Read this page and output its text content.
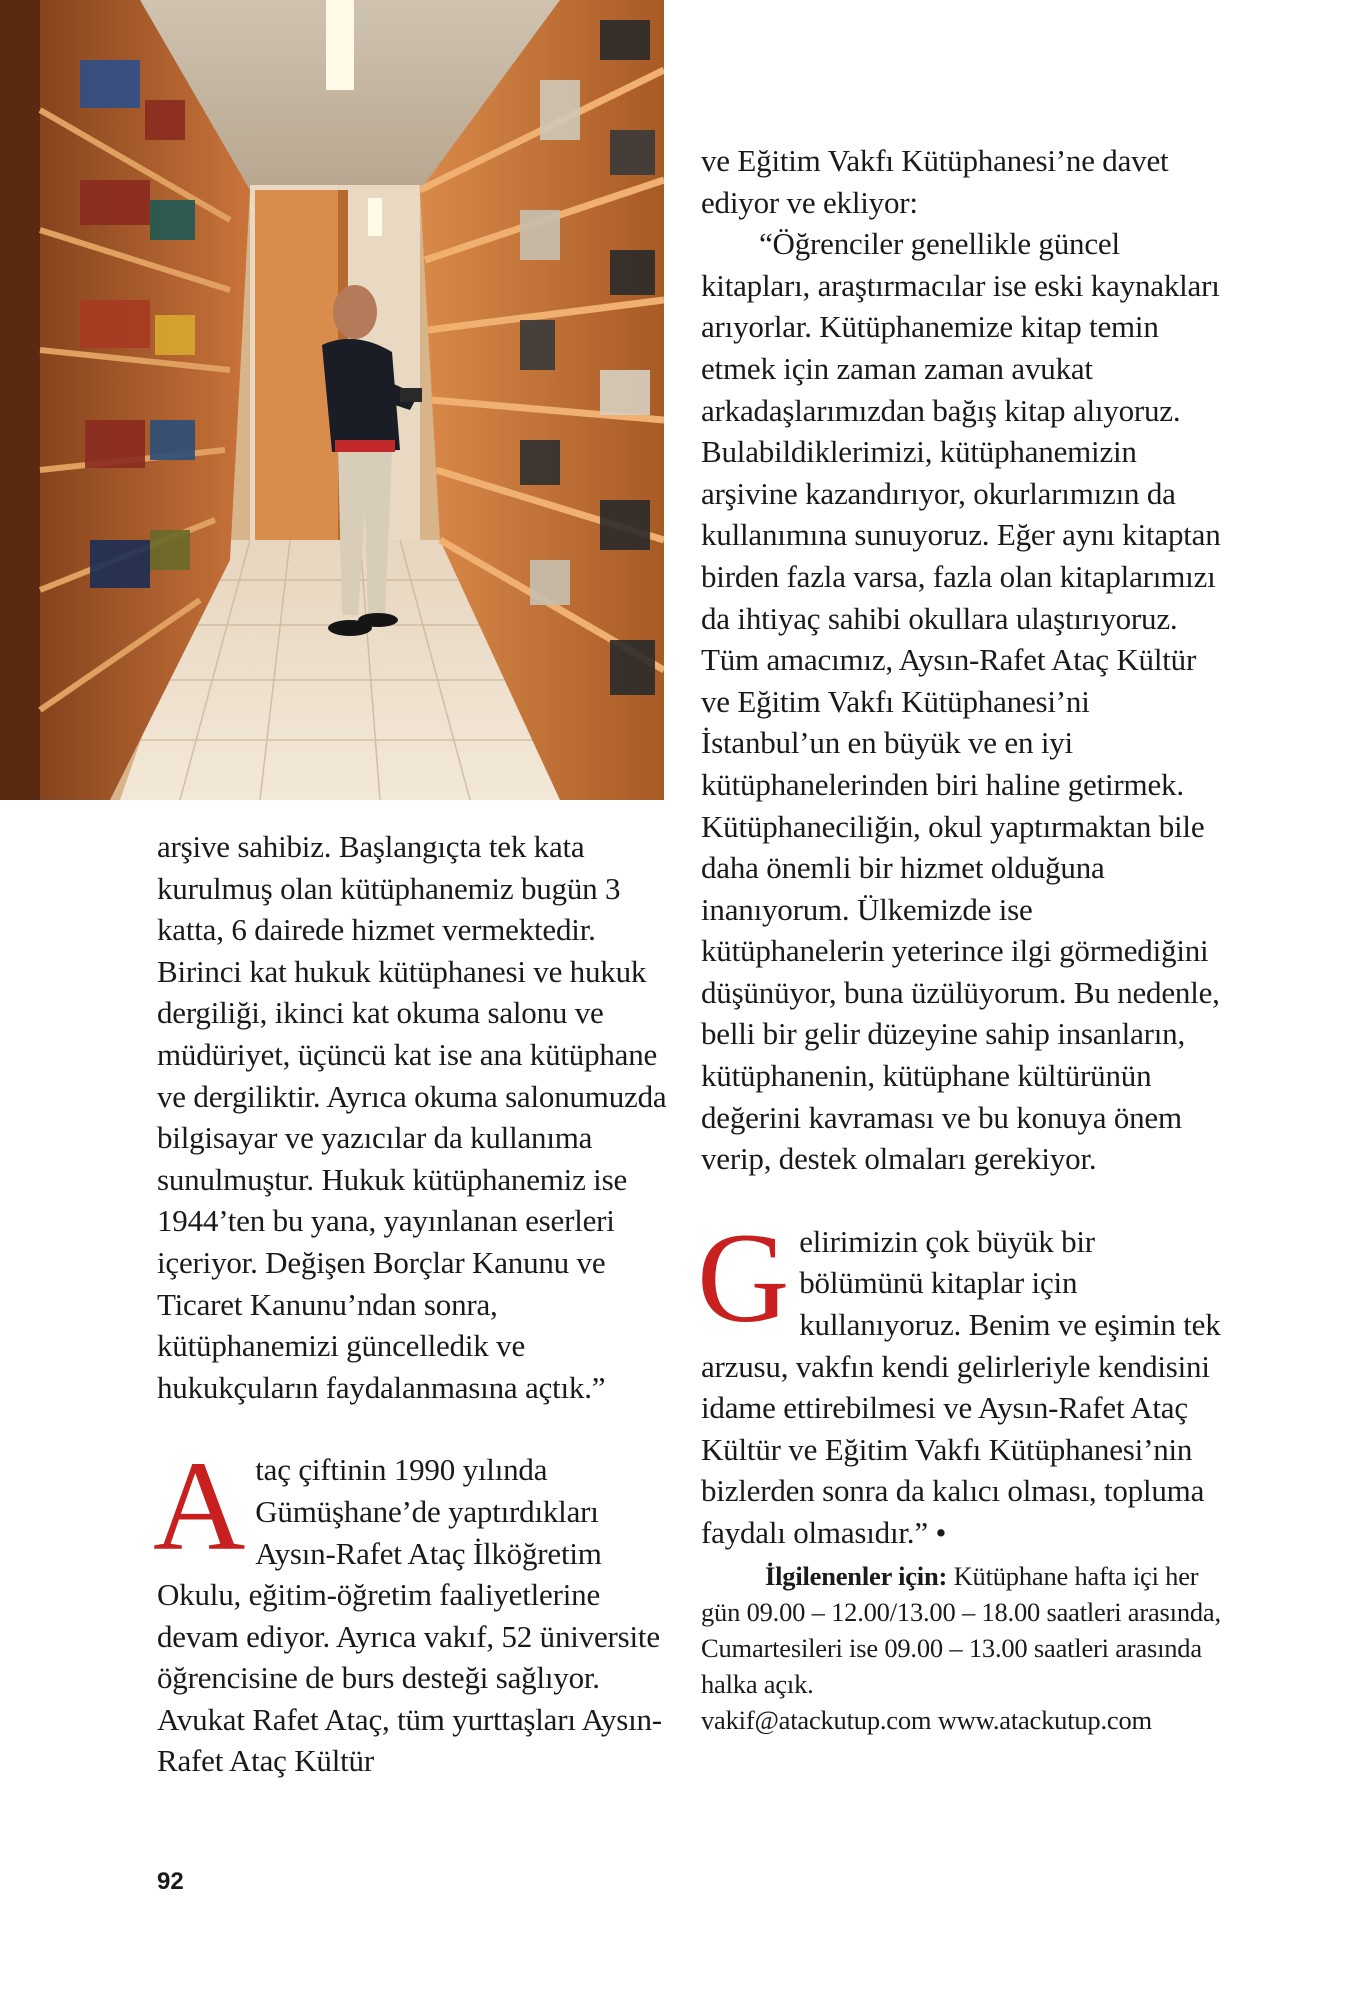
arşive sahibiz. Başlangıçta tek kata kurulmuş olan kütüphanemiz bugün 3 katta, 6 dairede hizmet vermektedir. Birinci kat hukuk kütüphanesi ve hukuk dergiliği, ikinci kat okuma salonu ve müdüriyet, üçüncü kat ise ana kütüphane ve dergiliktir. Ayrıca okuma salonumuzda bilgisayar ve yazıcılar da kullanıma sunulmuştur. Hukuk kütüphanemiz ise 1944’ten bu yana, yayınlanan eserleri içeriyor. Değişen Borçlar Kanunu ve Ticaret Kanunu’ndan sonra, kütüphanemizi güncelledik ve hukukçuların faydalanmasına açtık.”

Ataç çiftinin 1990 yılında Gümüşhane’de yaptırdıkları Aysın-Rafet Ataç İlköğretim Okulu, eğitim-öğretim faaliyetlerine devam ediyor. Ayrıca vakıf, 52 üniversite öğrencisine de burs desteği sağlıyor. Avukat Rafet Ataç, tüm yurttaşları Aysın-Rafet Ataç Kültür

ve Eğitim Vakfı Kütüphanesi’ne davet ediyor ve ekliyor:

“Öğrenciler genellikle güncel kitapları, araştırmacılar ise eski kaynakları arıyorlar. Kütüphanemize kitap temin etmek için zaman zaman avukat arkadaşlarımızdan bağış kitap alıyoruz. Bulabildiklerimizi, kütüphanemizin arşivine kazandırıyor, okurlarımızın da kullanımına sunuyoruz. Eğer aynı kitaptan birden fazla varsa, fazla olan kitaplarımızı da ihtiyaç sahibi okullara ulaştırıyoruz. Tüm amacımız, Aysın-Rafet Ataç Kültür ve Eğitim Vakfı Kütüphanesi’ni İstanbul’un en büyük ve en iyi kütüphanelerinden biri haline getirmek. Kütüphaneciliğin, okul yaptırmaktan bile daha önemli bir hizmet olduğuna inanıyorum. Ülkemizde ise kütüphanelerin yeterince ilgi görmediğini düşünüyor, buna üzülüyorum. Bu nedenle, belli bir gelir düzeyine sahip insanların, kütüphanenin, kütüphane kültürünün değerini kavraması ve bu konuya önem verip, destek olmaları gerekiyor.

Gelirimizin çok büyük bir bölümünü kitaplar için kullanıyoruz. Benim ve eşimin tek arzusu, vakfın kendi gelirleriyle kendisini idame ettirebilmesi ve Aysın-Rafet Ataç Kültür ve Eğitim Vakfı Kütüphanesi’nin bizlerden sonra da kalıcı olması, topluma faydalı olmasıdır.” •

İlgilenenler için: Kütüphane hafta içi her gün 09.00 – 12.00/13.00 – 18.00 saatleri arasında, Cumartesileri ise 09.00 – 13.00 saatleri arasında halka açık.
vakif@atackutup.com www.atackutup.com

92
